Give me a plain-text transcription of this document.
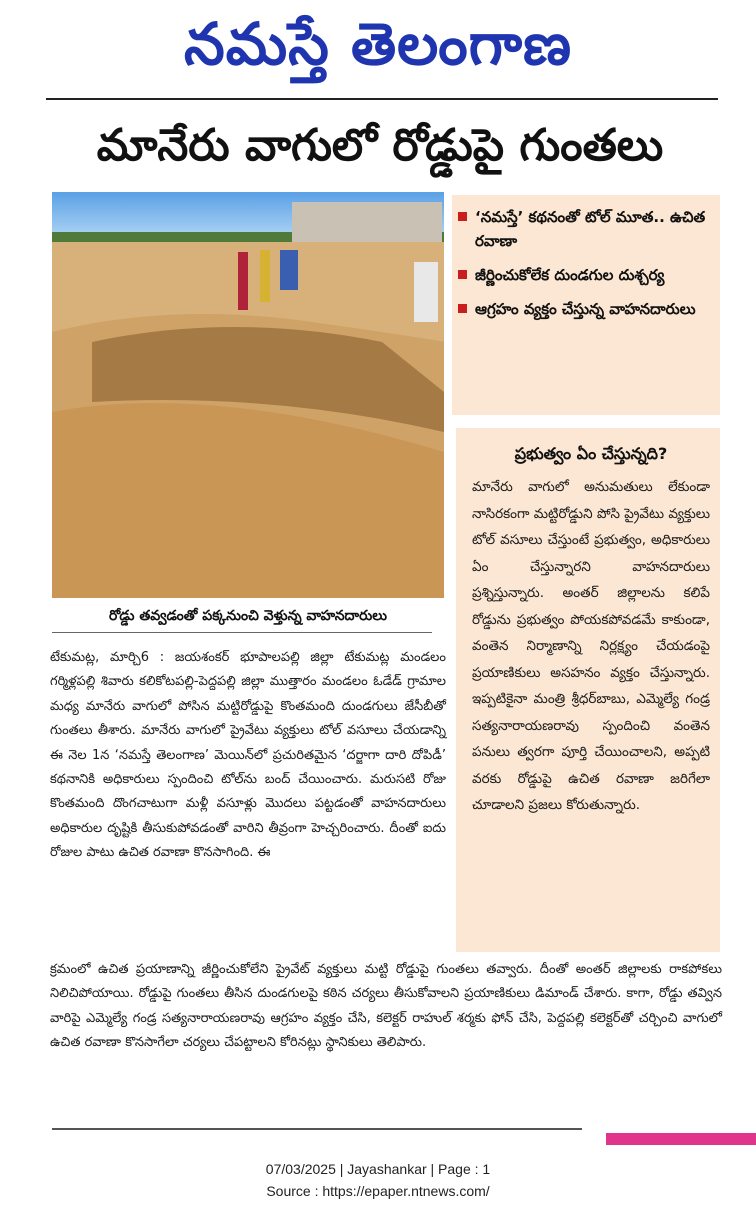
నమస్తే తెలంగాణ
మానేరు వాగులో రోడ్డుపై గుంతలు
రోడ్డు తవ్వడంతో పక్కనుంచి వెళ్తున్న వాహనదారులు
‘నమస్తే’ కథనంతో టోల్ మూత.. ఉచిత రవాణా
జీర్ణించుకోలేక దుండగుల దుశ్చర్య
ఆగ్రహం వ్యక్తం చేస్తున్న వాహనదారులు
ప్రభుత్వం ఏం చేస్తున్నది?
మానేరు వాగులో అనుమతులు లేకుండా నాసిరకంగా మట్టిరోడ్డుని పోసి ప్రైవేటు వ్యక్తులు టోల్ వసూలు చేస్తుంటే ప్రభుత్వం, అధికారులు ఏం చేస్తున్నారని వాహనదారులు ప్రశ్నిస్తున్నారు. అంతర్ జిల్లాలను కలిపే రోడ్డును ప్రభుత్వం పోయకపోవడమే కాకుండా, వంతెన నిర్మాణాన్ని నిర్లక్ష్యం చేయడంపై ప్రయాణికులు అసహనం వ్యక్తం చేస్తున్నారు. ఇప్పటికైనా మంత్రి శ్రీధర్‌బాబు, ఎమ్మెల్యే గండ్ర సత్యనారాయణరావు స్పందించి వంతెన పనులు త్వరగా పూర్తి చేయించాలని, అప్పటి వరకు రోడ్డుపై ఉచిత రవాణా జరిగేలా చూడాలని ప్రజలు కోరుతున్నారు.
టేకుమట్ల, మార్చి6 : జయశంకర్ భూపాలపల్లి జిల్లా టేకుమట్ల మండలం గర్మిళ్లపల్లి శివారు కలికోటపల్లి-పెద్దపల్లి జిల్లా ముత్తారం మండలం ఓడేడ్ గ్రామాల మధ్య మానేరు వాగులో పోసిన మట్టిరోడ్డుపై కొంతమంది దుండగులు జేసీబీతో గుంతలు తీశారు. మానేరు వాగులో ప్రైవేటు వ్యక్తులు టోల్ వసూలు చేయడాన్ని ఈ నెల 1న ‘నమస్తే తెలంగాణ’ మెయిన్‌లో ప్రచురితమైన ‘దర్జాగా దారి దోపిడీ’ కథనానికి అధికారులు స్పందించి టోల్‌ను బంద్ చేయించారు. మరుసటి రోజు కొంతమంది దొంగచాటుగా మళ్లీ వసూళ్లు మొదలు పట్టడంతో వాహనదారులు అధికారుల దృష్టికి తీసుకుపోవడంతో వారిని తీవ్రంగా హెచ్చరించారు. దీంతో ఐదు రోజుల పాటు ఉచిత రవాణా కొనసాగింది. ఈ
క్రమంలో ఉచిత ప్రయాణాన్ని జీర్ణించుకోలేని ప్రైవేట్ వ్యక్తులు మట్టి రోడ్డుపై గుంతలు తవ్వారు. దీంతో అంతర్ జిల్లాలకు రాకపోకలు నిలిచిపోయాయి. రోడ్డుపై గుంతలు తీసిన దుండగులపై కఠిన చర్యలు తీసుకోవాలని ప్రయాణికులు డిమాండ్ చేశారు. కాగా, రోడ్డు తవ్విన వారిపై ఎమ్మెల్యే గండ్ర సత్యనారాయణరావు ఆగ్రహం వ్యక్తం చేసి, కలెక్టర్ రాహుల్ శర్మకు ఫోన్ చేసి, పెద్దపల్లి కలెక్టర్‌తో చర్చించి వాగులో ఉచిత రవాణా కొనసాగేలా చర్యలు చేపట్టాలని కోరినట్లు స్థానికులు తెలిపారు.
07/03/2025 | Jayashankar | Page : 1
Source : https://epaper.ntnews.com/
